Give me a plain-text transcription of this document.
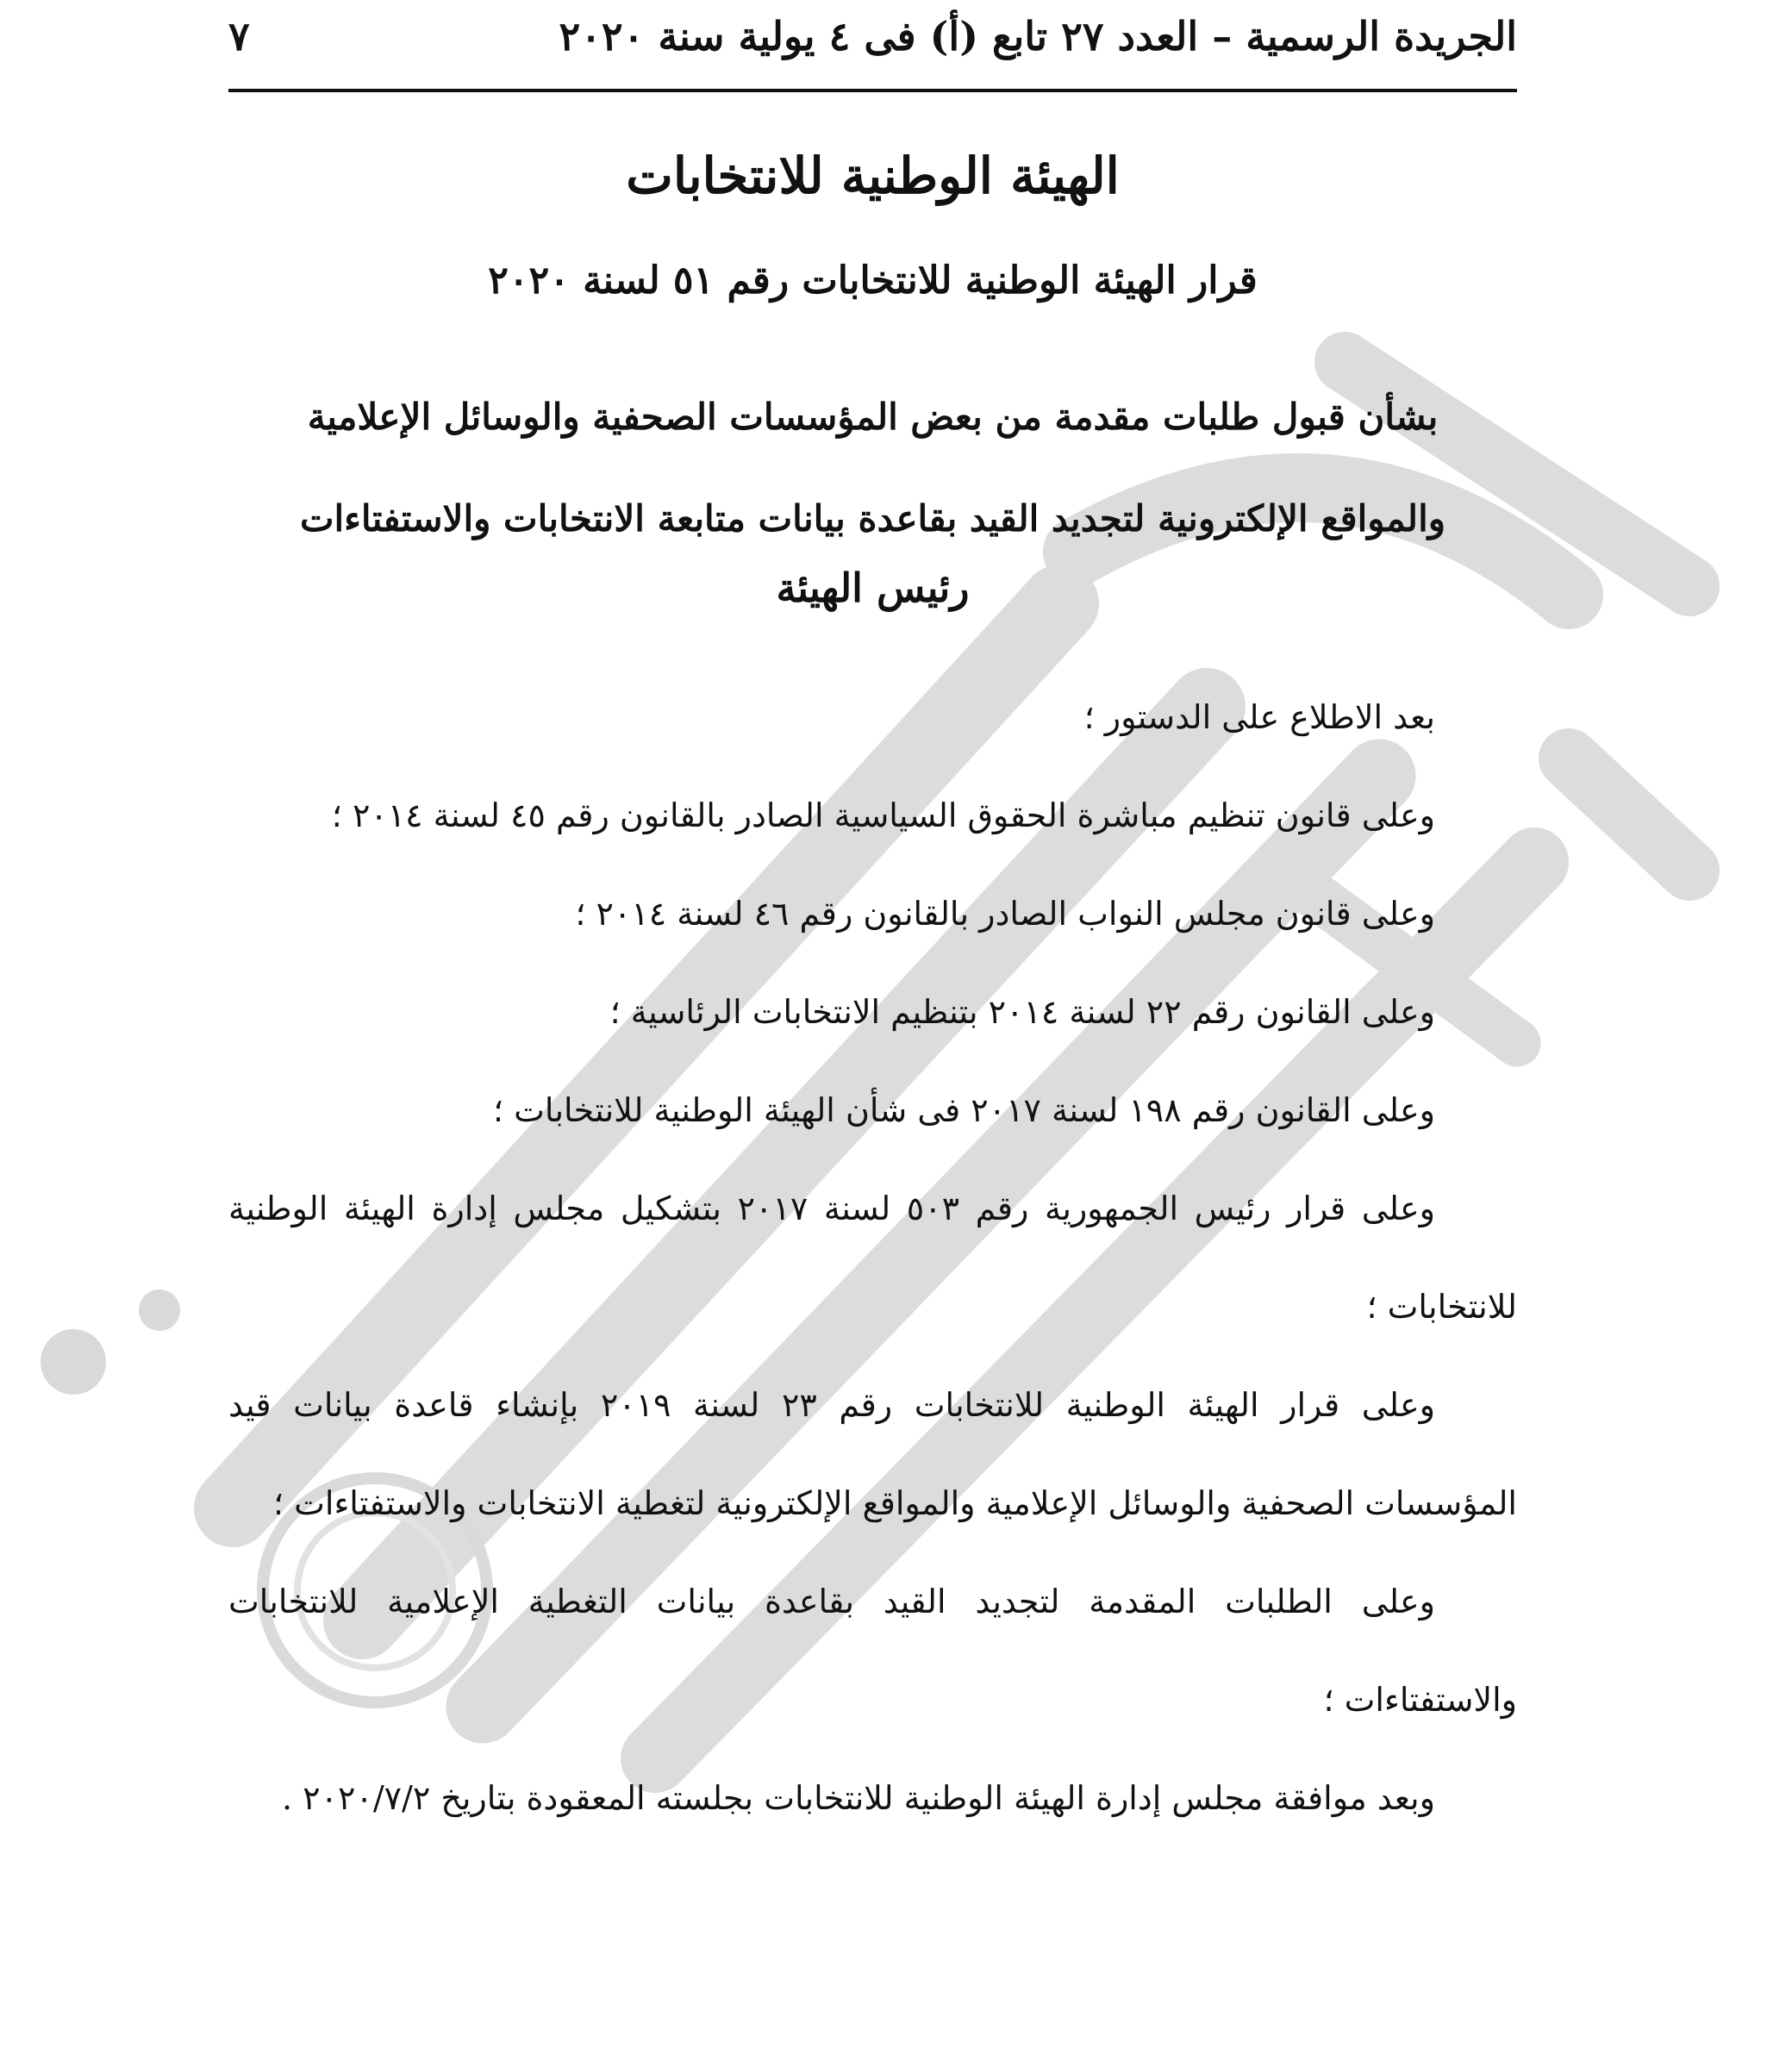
الجريدة الرسمية – العدد ٢٧ تابع (أ) فى ٤ يولية سنة ٢٠٢٠
٧
الهيئة الوطنية للانتخابات
قرار الهيئة الوطنية للانتخابات رقم ٥١ لسنة ٢٠٢٠
بشأن قبول طلبات مقدمة من بعض المؤسسات الصحفية والوسائل الإعلامية
والمواقع الإلكترونية لتجديد القيد بقاعدة بيانات متابعة الانتخابات والاستفتاءات
رئيس الهيئة

بعد الاطلاع على الدستور ؛

وعلى قانون تنظيم مباشرة الحقوق السياسية الصادر بالقانون رقم ٤٥ لسنة ٢٠١٤ ؛

وعلى قانون مجلس النواب الصادر بالقانون رقم ٤٦ لسنة ٢٠١٤ ؛

وعلى القانون رقم ٢٢ لسنة ٢٠١٤ بتنظيم الانتخابات الرئاسية ؛

وعلى القانون رقم ١٩٨ لسنة ٢٠١٧ فى شأن الهيئة الوطنية للانتخابات ؛

وعلى قرار رئيس الجمهورية رقم ٥٠٣ لسنة ٢٠١٧ بتشكيل مجلس إدارة الهيئة الوطنية للانتخابات ؛

وعلى قرار الهيئة الوطنية للانتخابات رقم ٢٣ لسنة ٢٠١٩ بإنشاء قاعدة بيانات قيد المؤسسات الصحفية والوسائل الإعلامية والمواقع الإلكترونية لتغطية الانتخابات والاستفتاءات ؛

وعلى الطلبات المقدمة لتجديد القيد بقاعدة بيانات التغطية الإعلامية للانتخابات والاستفتاءات ؛

وبعد موافقة مجلس إدارة الهيئة الوطنية للانتخابات بجلسته المعقودة بتاريخ ٢٠٢٠/٧/٢ .
